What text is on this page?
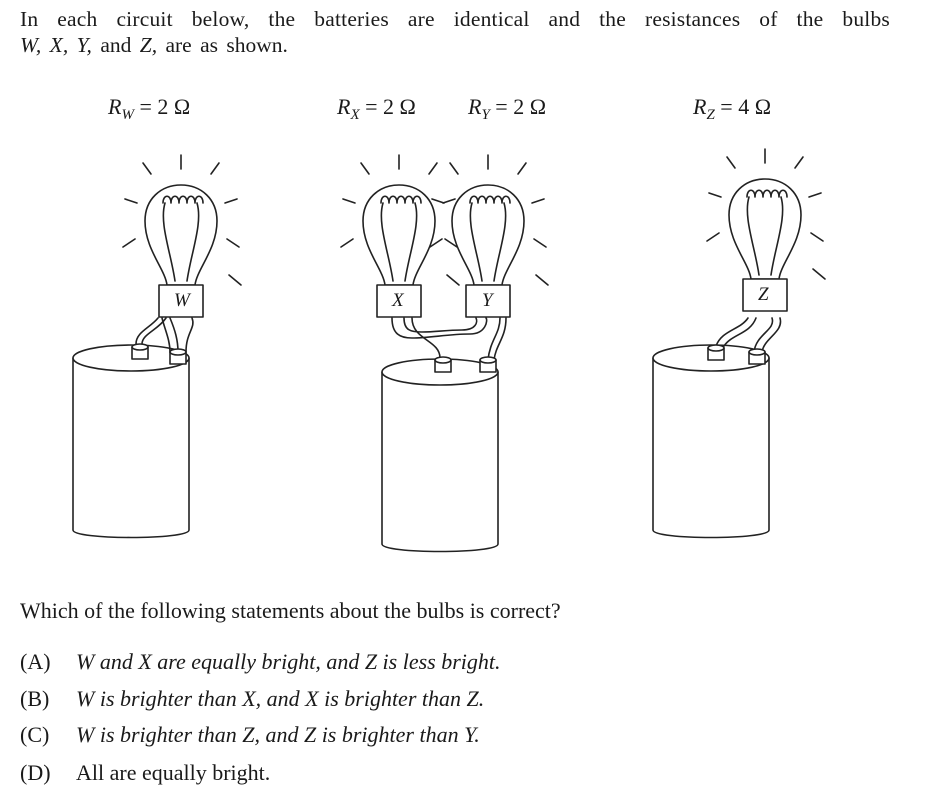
In each circuit below, the batteries are identical and the resistances of the bulbs
W, X, Y, and Z, are as shown.
$R_W = 2$ Ω	$R_X = 2$ Ω $R_Y = 2$ Ω	$R_Z = 4$ Ω
W	X	Y	Z
Which of the following statements about the bulbs is correct?
(A) W and X are equally bright, and Z is less bright.
(B) W is brighter than X, and X is brighter than Z.
(C) W is brighter than Z, and Z is brighter than Y.
(D) All are equally bright.
